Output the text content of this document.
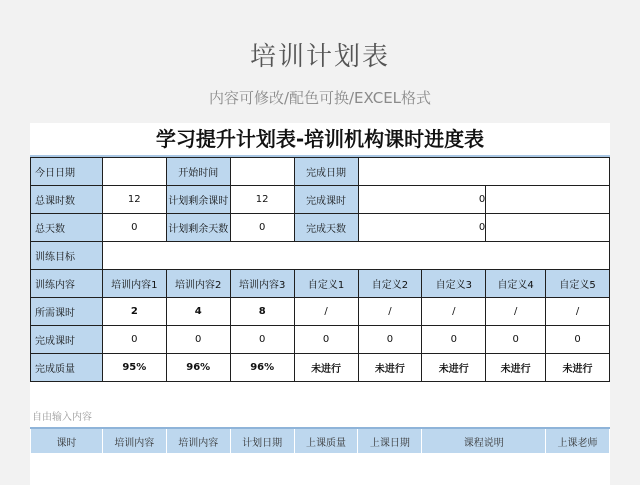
培训计划表
内容可修改/配色可换/EXCEL格式
学习提升计划表-培训机构课时进度表
今日日期		开始时间		完成日期				
总课时数	12	计划剩余课时	12	完成课时	0			
总天数	0	计划剩余天数	0	完成天数	0			
训练目标								
训练内容	培训内容1	培训内容2	培训内容3	自定义1	自定义2	自定义3	自定义4	自定义5
所需课时	2	4	8	/	/	/	/	/
完成课时	0	0	0	0	0	0	0	0
完成质量	95%	96%	96%	未进行	未进行	未进行	未进行	未进行
自由输入内容
课时	培训内容	培训内容	计划日期	上课质量	上课日期	课程说明	上课老师
